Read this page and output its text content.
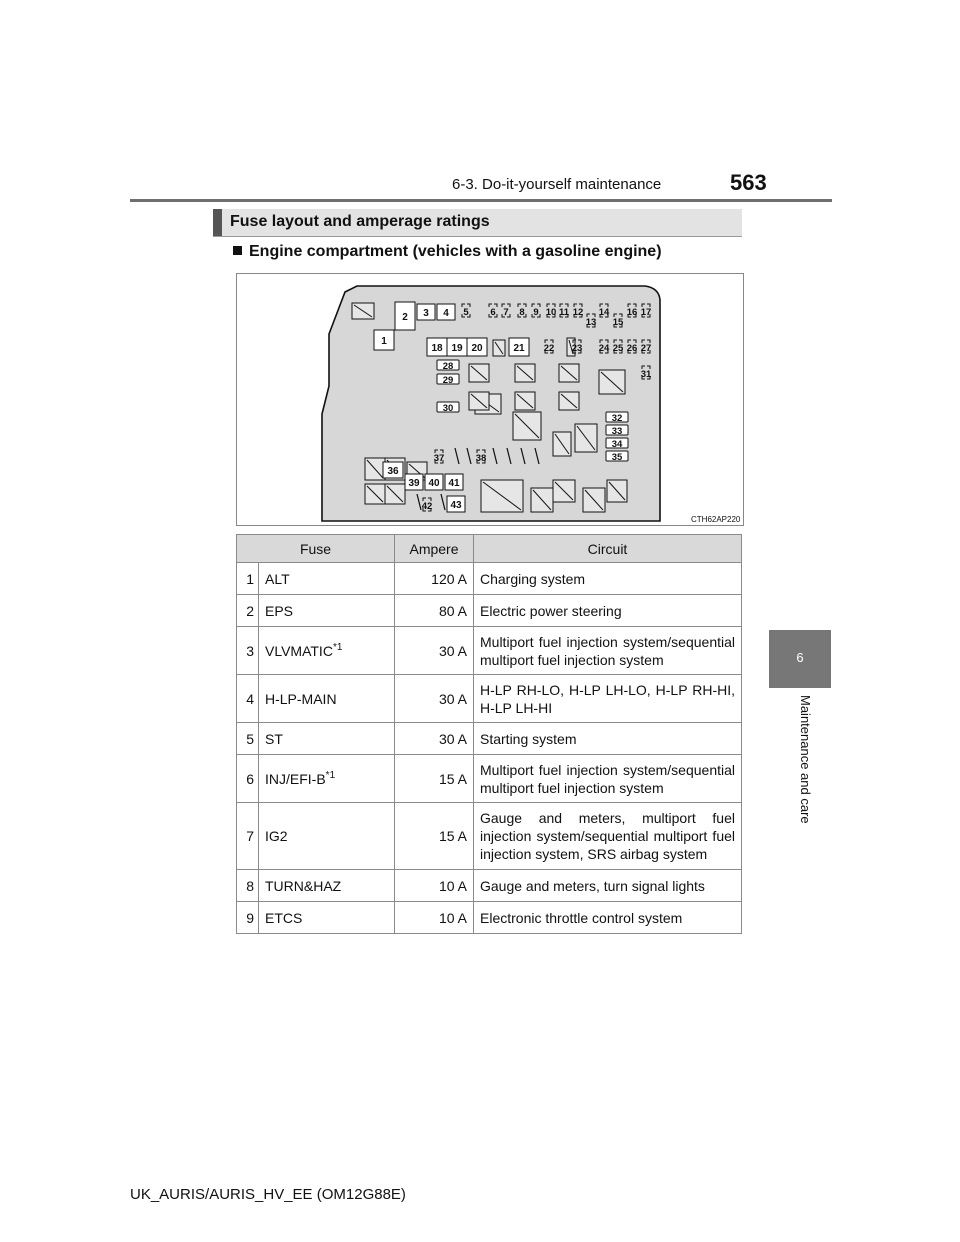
6-3. Do-it-yourself maintenance	563
6
Maintenance and care
Fuse layout and amperage ratings
Engine compartment (vehicles with a gasoline engine)
1
2 3 4
18 19 20	21
36
39 40 41
43
5 6 7 8 9 10 11 12
13
14
15
16 17
22 23 24 25 26 27
31
28
29
30
32
33
34
35
37	38
42
CTH62AP220
Fuse		Ampere	Circuit
1	ALT	120 A	Charging system
2	EPS	80 A	Electric power steering
3	VLVMATIC$^{*1}$	30 A	Multiport fuel injection system/sequential multiport fuel injection system
4	H-LP-MAIN	30 A	H-LP RH-LO, H-LP LH-LO, H-LP RH-HI, H-LP LH-HI
5	ST	30 A	Starting system
6	INJ/$EFI-B^{*1}$	15 A	Multiport fuel injection system/sequential multiport fuel injection system
7	IG2	15 A	Gauge and meters, multiport fuel injection system/sequential multiport fuel injection system, SRS airbag system
8	TURN&HAZ	10 A	Gauge and meters, turn signal lights
9	ETCS	10 A	Electronic throttle control system
UK_AURIS/AURIS_HV_EE (OM12G88E)
